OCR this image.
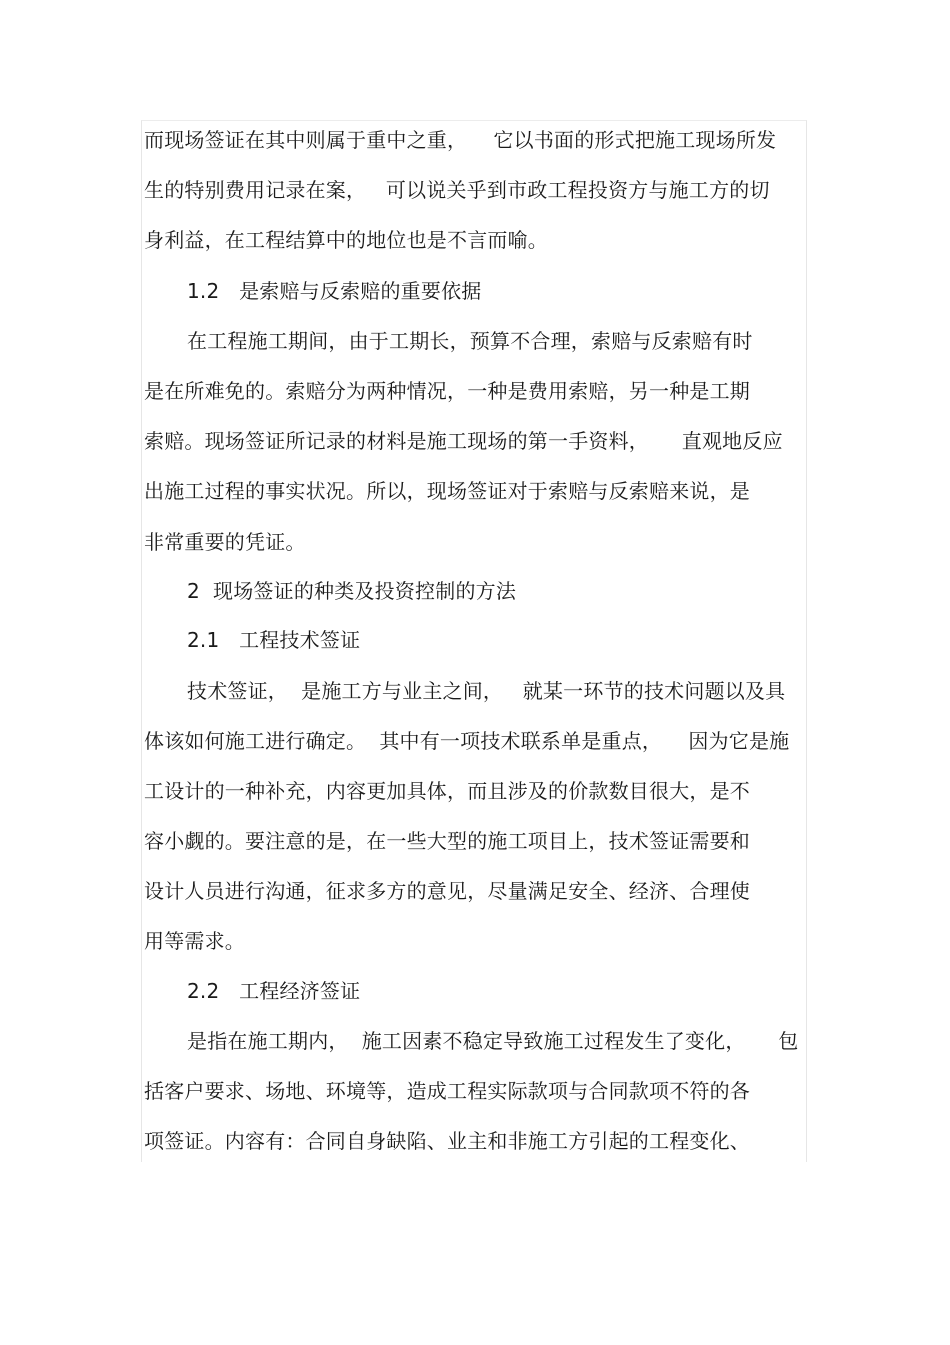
而现场签证在其中则属于重中之重，    它以书面的形式把施工现场所发
生的特别费用记录在案，   可以说关乎到市政工程投资方与施工方的切
身利益，在工程结算中的地位也是不言而喻。
1.2   是索赔与反索赔的重要依据
在工程施工期间，由于工期长，预算不合理，索赔与反索赔有时
是在所难免的。索赔分为两种情况，一种是费用索赔，另一种是工期
索赔。现场签证所记录的材料是施工现场的第一手资料，     直观地反应
出施工过程的事实状况。所以，现场签证对于索赔与反索赔来说，是
非常重要的凭证。
2  现场签证的种类及投资控制的方法
2.1   工程技术签证
技术签证，  是施工方与业主之间，   就某一环节的技术问题以及具
体该如何施工进行确定。  其中有一项技术联系单是重点，    因为它是施
工设计的一种补充，内容更加具体，而且涉及的价款数目很大，是不
容小觑的。要注意的是，在一些大型的施工项目上，技术签证需要和
设计人员进行沟通，征求多方的意见，尽量满足安全、经济、合理使
用等需求。
2.2   工程经济签证
是指在施工期内，  施工因素不稳定导致施工过程发生了变化，     包
括客户要求、场地、环境等，造成工程实际款项与合同款项不符的各
项签证。内容有：合同自身缺陷、业主和非施工方引起的工程变化、
